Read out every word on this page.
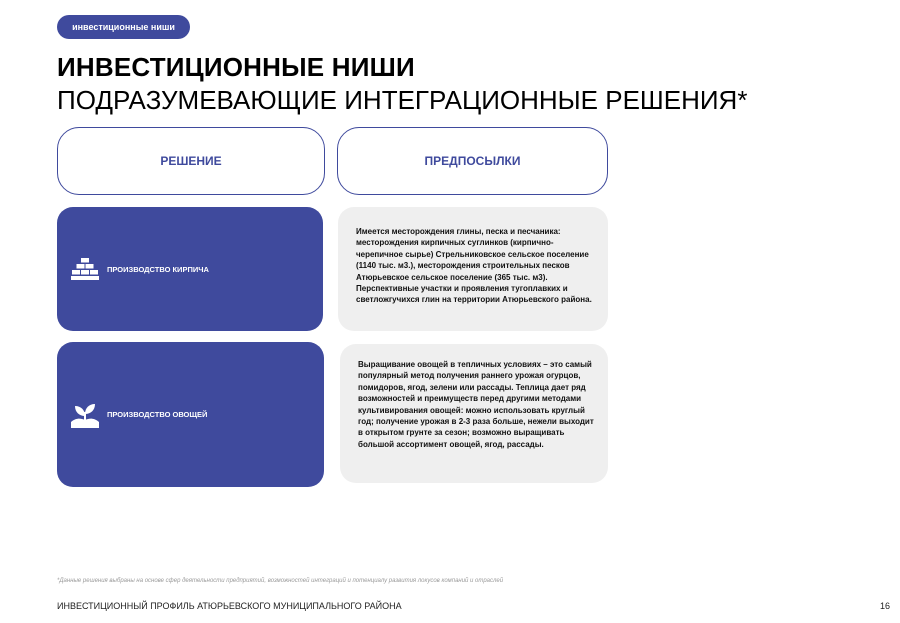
инвестиционные ниши
ИНВЕСТИЦИОННЫЕ НИШИ
ПОДРАЗУМЕВАЮЩИЕ ИНТЕГРАЦИОННЫЕ РЕШЕНИЯ*
РЕШЕНИЕ	ПРЕДПОСЫЛКИ
ПРОИЗВОДСТВО КИРПИЧА
Имеется месторождения глины, песка и песчаника: месторождения кирпичных суглинков (кирпично-черепичное сырье) Стрельниковское сельское поселение (1140 тыс. м3.), месторождения строительных песков Атюрьевское сельское поселение (365 тыс. м3). Перспективные участки и проявления тугоплавких и светложгучихся глин на территории Атюрьевского района.
ПРОИЗВОДСТВО ОВОЩЕЙ
Выращивание овощей в тепличных условиях – это самый популярный метод получения раннего урожая огурцов, помидоров, ягод, зелени или рассады. Теплица дает ряд возможностей и преимуществ перед другими методами культивирования овощей: можно использовать круглый год; получение урожая в 2-3 раза больше, нежели выходит в открытом грунте за сезон; возможно выращивать большой ассортимент овощей, ягод, рассады.
*Данные решения выбраны на основе сфер деятельности предприятий, возможностей интеграций и потенциалу развития локусов компаний и отраслей
ИНВЕСТИЦИОННЫЙ ПРОФИЛЬ АТЮРЬЕВСКОГО МУНИЦИПАЛЬНОГО РАЙОНА	16
